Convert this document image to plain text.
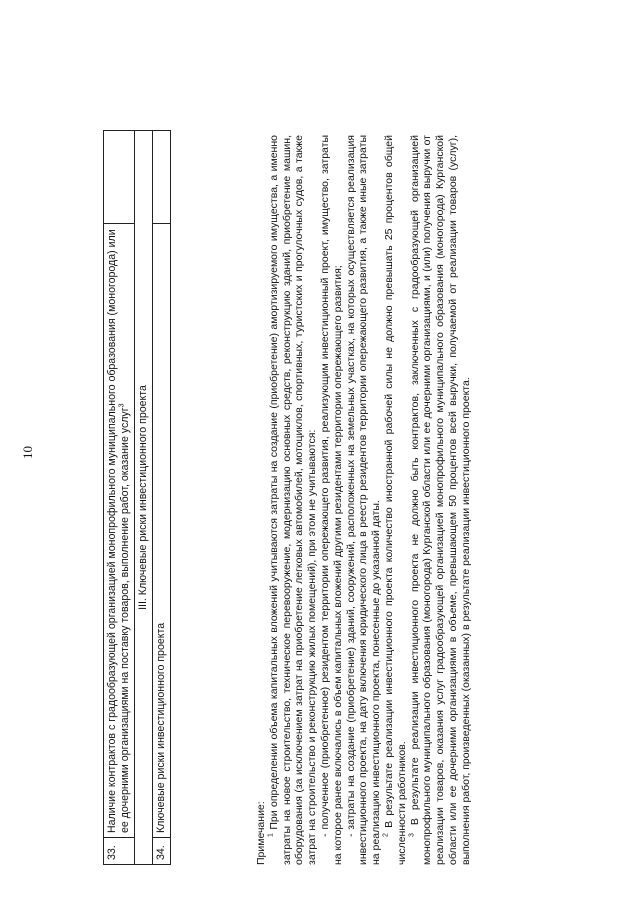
10
33.	Наличие контрактов с градообразующей организацией монопрофильного муниципального образования (моногорода) или ее дочерними организациями на поставку товаров, выполнение работ, оказание услуг$^3$	
III. Ключевые риски инвестиционного проекта		
34.	Ключевые риски инвестиционного проекта	

Примечание: $^1$ При определении объема капитальных вложений учитываются затраты на создание (приобретение) амортизируемого имущества, а именно затраты на новое строительство, техническое перевооружение, модернизацию основных средств, реконструкцию зданий, приобретение машин, оборудования (за исключением затрат на приобретение легковых автомобилей, мотоциклов, спортивных, туристских и прогулочных судов, а также затрат на строительство и реконструкцию жилых помещений), при этом не учитываются: - полученное (приобретенное) резидентом территории опережающего развития, реализующим инвестиционный проект, имущество, затраты на которое ранее включались в объем капитальных вложений другими резидентами территории опережающего развития; - затраты на создание (приобретение) зданий, сооружений, расположенных на земельных участках, на которых осуществляется реализация инвестиционного проекта, на дату включения юридического лица в реестр резидентов территории опережающего развития, а также иные затраты на реализацию инвестиционного проекта, понесенные до указанной даты. $^2$ В результате реализации инвестиционного проекта количество иностранной рабочей силы не должно превышать 25 процентов общей численности работников. $^3$ В результате реализации инвестиционного проекта не должно быть контрактов, заключенных с градообразующей организацией монопрофильного муниципального образования (моногорода) Курганской области или ее дочерними организациями, и (или) получения выручки от реализации товаров, оказания услуг градообразующей организацией монопрофильного муниципального образования (моногорода) Курганской области или ее дочерними организациями в объеме, превышающем 50 процентов всей выручки, получаемой от реализации товаров (услуг), выполнения работ, произведенных (оказанных) в результате реализации инвестиционного проекта.
